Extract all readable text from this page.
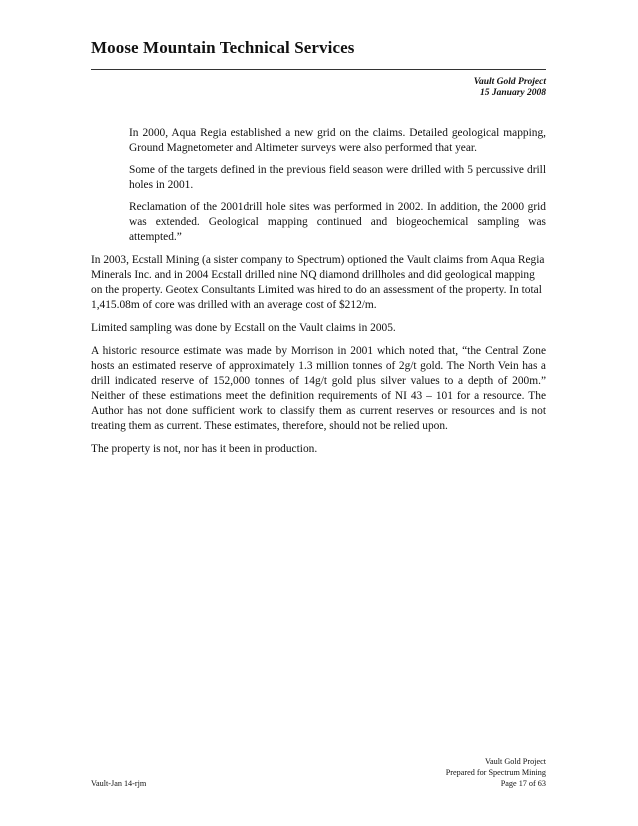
Moose Mountain Technical Services
Vault Gold Project
15 January 2008

In 2000, Aqua Regia established a new grid on the claims. Detailed geological mapping, Ground Magnetometer and Altimeter surveys were also performed that year.

Some of the targets defined in the previous field season were drilled with 5 percussive drill holes in 2001.

Reclamation of the 2001drill hole sites was performed in 2002. In addition, the 2000 grid was extended. Geological mapping continued and biogeochemical sampling was attempted.”

In 2003, Ecstall Mining (a sister company to Spectrum) optioned the Vault claims from Aqua Regia Minerals Inc. and in 2004 Ecstall drilled nine NQ diamond drillholes and did geological mapping on the property. Geotex Consultants Limited was hired to do an assessment of the property. In total 1,415.08m of core was drilled with an average cost of $212/m.

Limited sampling was done by Ecstall on the Vault claims in 2005.

A historic resource estimate was made by Morrison in 2001 which noted that, “the Central Zone hosts an estimated reserve of approximately 1.3 million tonnes of 2g/t gold. The North Vein has a drill indicated reserve of 152,000 tonnes of 14g/t gold plus silver values to a depth of 200m.” Neither of these estimations meet the definition requirements of NI 43 – 101 for a resource. The Author has not done sufficient work to classify them as current reserves or resources and is not treating them as current. These estimates, therefore, should not be relied upon.

The property is not, nor has it been in production.

Vault Gold Project
Prepared for Spectrum Mining
Page 17 of 63
Vault-Jan 14-rjm
